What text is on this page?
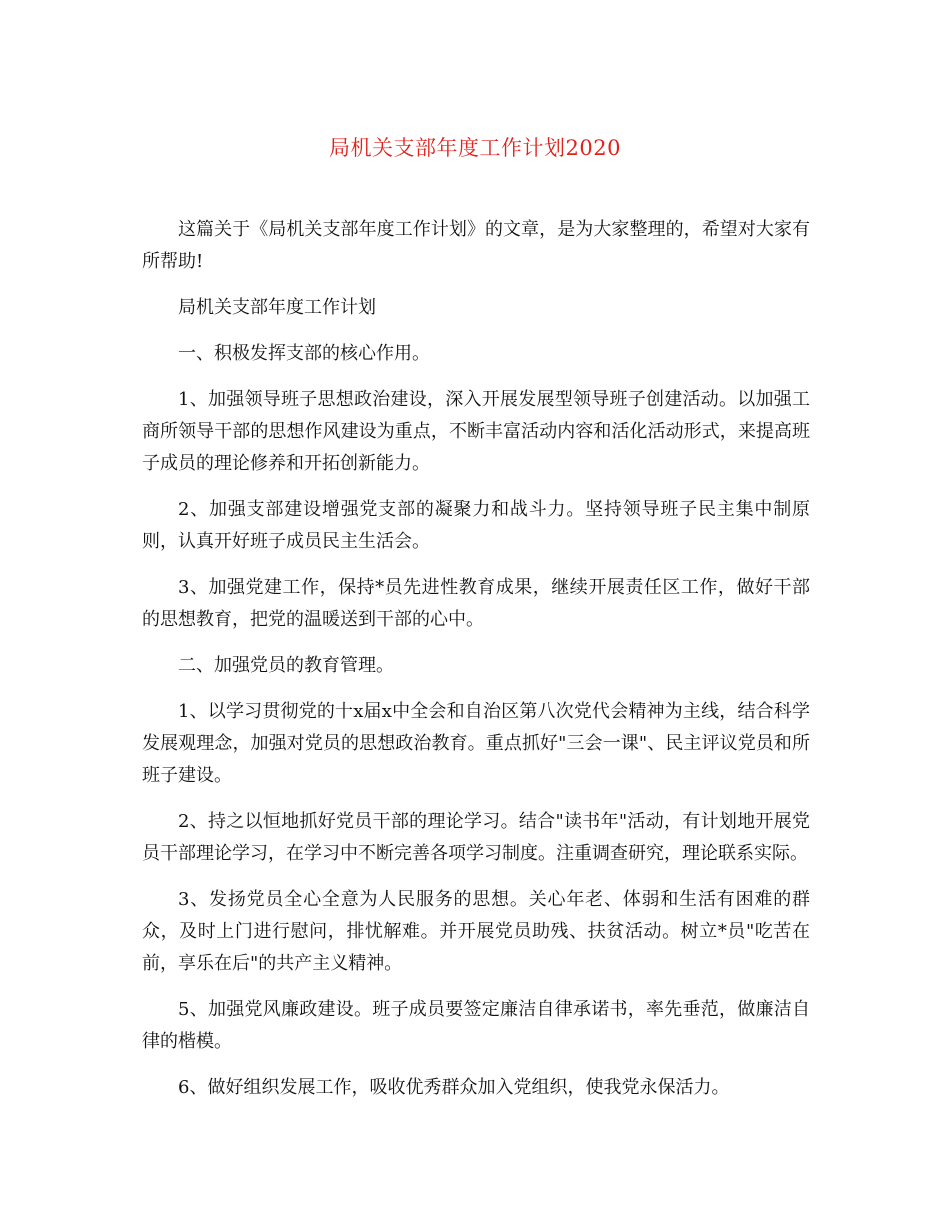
局机关支部年度工作计划2020

这篇关于《局机关支部年度工作计划》的文章，是为大家整理的，希望对大家有所帮助!

局机关支部年度工作计划

一、积极发挥支部的核心作用。

1、加强领导班子思想政治建设，深入开展发展型领导班子创建活动。以加强工商所领导干部的思想作风建设为重点，不断丰富活动内容和活化活动形式，来提高班子成员的理论修养和开拓创新能力。

2、加强支部建设增强党支部的凝聚力和战斗力。坚持领导班子民主集中制原则，认真开好班子成员民主生活会。

3、加强党建工作，保持*员先进性教育成果，继续开展责任区工作，做好干部的思想教育，把党的温暖送到干部的心中。

二、加强党员的教育管理。

1、以学习贯彻党的十x届x中全会和自治区第八次党代会精神为主线，结合科学发展观理念，加强对党员的思想政治教育。重点抓好"三会一课"、民主评议党员和所班子建设。

2、持之以恒地抓好党员干部的理论学习。结合"读书年"活动，有计划地开展党员干部理论学习，在学习中不断完善各项学习制度。注重调查研究，理论联系实际。

3、发扬党员全心全意为人民服务的思想。关心年老、体弱和生活有困难的群众，及时上门进行慰问，排忧解难。并开展党员助残、扶贫活动。树立*员"吃苦在前，享乐在后"的共产主义精神。

5、加强党风廉政建设。班子成员要签定廉洁自律承诺书，率先垂范，做廉洁自律的楷模。

6、做好组织发展工作，吸收优秀群众加入党组织，使我党永保活力。
